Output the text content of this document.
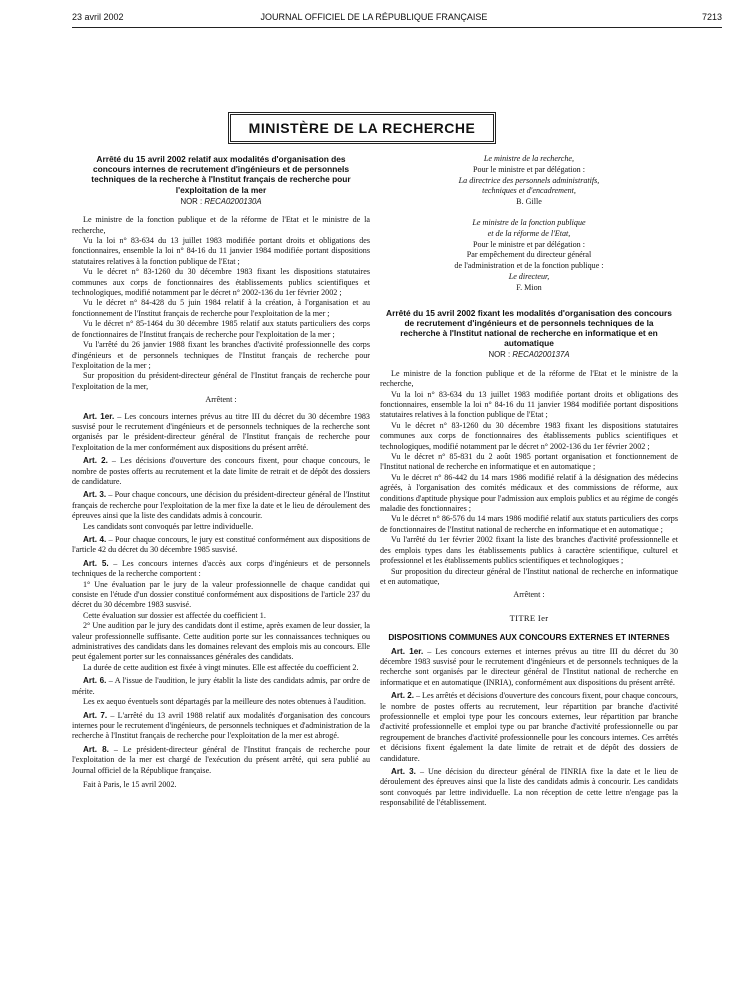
23 avril 2002	JOURNAL OFFICIEL DE LA RÉPUBLIQUE FRANÇAISE	7213
MINISTÈRE DE LA RECHERCHE
Arrêté du 15 avril 2002 relatif aux modalités d'organisation des concours internes de recrutement d'ingénieurs et de personnels techniques de la recherche à l'Institut français de recherche pour l'exploitation de la mer
NOR : RECA0200130A

Le ministre de la fonction publique et de la réforme de l'Etat et le ministre de la recherche,

Vu la loi n° 83-634 du 13 juillet 1983 modifiée portant droits et obligations des fonctionnaires, ensemble la loi n° 84-16 du 11 janvier 1984 modifiée portant dispositions statutaires relatives à la fonction publique de l'Etat ;

Vu le décret n° 83-1260 du 30 décembre 1983 fixant les dispositions statutaires communes aux corps de fonctionnaires des établissements publics scientifiques et technologiques, modifié notamment par le décret n° 2002-136 du 1er février 2002 ;

Vu le décret n° 84-428 du 5 juin 1984 relatif à la création, à l'organisation et au fonctionnement de l'Institut français de recherche pour l'exploitation de la mer ;

Vu le décret n° 85-1464 du 30 décembre 1985 relatif aux statuts particuliers des corps de fonctionnaires de l'Institut français de recherche pour l'exploitation de la mer ;

Vu l'arrêté du 26 janvier 1988 fixant les branches d'activité professionnelle des corps d'ingénieurs et de personnels techniques de l'Institut français de recherche pour l'exploitation de la mer ;

Sur proposition du président-directeur général de l'Institut français de recherche pour l'exploitation de la mer,

Arrêtent :

Art. 1er. – Les concours internes prévus au titre III du décret du 30 décembre 1983 susvisé pour le recrutement d'ingénieurs et de personnels techniques de la recherche sont organisés par le président-directeur général de l'Institut français de recherche pour l'exploitation de la mer conformément aux dispositions du présent arrêté.

Art. 2. – Les décisions d'ouverture des concours fixent, pour chaque concours, le nombre de postes offerts au recrutement et la date limite de retrait et de dépôt des dossiers de candidature.

Art. 3. – Pour chaque concours, une décision du président-directeur général de l'Institut français de recherche pour l'exploitation de la mer fixe la date et le lieu de déroulement des épreuves ainsi que la liste des candidats admis à concourir.

Les candidats sont convoqués par lettre individuelle.

Art. 4. – Pour chaque concours, le jury est constitué conformément aux dispositions de l'article 42 du décret du 30 décembre 1985 susvisé.

Art. 5. – Les concours internes d'accès aux corps d'ingénieurs et de personnels techniques de la recherche comportent :

1° Une évaluation par le jury de la valeur professionnelle de chaque candidat qui consiste en l'étude d'un dossier constitué conformément aux dispositions de l'article 237 du décret du 30 décembre 1983 susvisé.

Cette évaluation sur dossier est affectée du coefficient 1.

2° Une audition par le jury des candidats dont il estime, après examen de leur dossier, la valeur professionnelle suffisante. Cette audition porte sur les connaissances techniques ou administratives des candidats dans les domaines relevant des emplois mis au concours. Elle peut également porter sur les connaissances générales des candidats.

La durée de cette audition est fixée à vingt minutes. Elle est affectée du coefficient 2.

Art. 6. – A l'issue de l'audition, le jury établit la liste des candidats admis, par ordre de mérite.

Les ex aequo éventuels sont départagés par la meilleure des notes obtenues à l'audition.

Art. 7. – L'arrêté du 13 avril 1988 relatif aux modalités d'organisation des concours internes pour le recrutement d'ingénieurs, de personnels techniques et d'administration de la recherche à l'Institut français de recherche pour l'exploitation de la mer est abrogé.

Art. 8. – Le président-directeur général de l'Institut français de recherche pour l'exploitation de la mer est chargé de l'exécution du présent arrêté, qui sera publié au Journal officiel de la République française.

Fait à Paris, le 15 avril 2002.

Le ministre de la recherche,
Pour le ministre et par délégation :
La directrice des personnels administratifs,
techniques et d'encadrement,
B. Gille

Le ministre de la fonction publique
et de la réforme de l'Etat,
Pour le ministre et par délégation :
Par empêchement du directeur général
de l'administration et de la fonction publique :
Le directeur,
F. Mion

Arrêté du 15 avril 2002 fixant les modalités d'organisation des concours de recrutement d'ingénieurs et de personnels techniques de la recherche à l'Institut national de recherche en informatique et en automatique
NOR : RECA0200137A

Le ministre de la fonction publique et de la réforme de l'Etat et le ministre de la recherche,

Vu la loi n° 83-634 du 13 juillet 1983 modifiée portant droits et obligations des fonctionnaires, ensemble la loi n° 84-16 du 11 janvier 1984 modifiée portant dispositions statutaires relatives à la fonction publique de l'Etat ;

Vu le décret n° 83-1260 du 30 décembre 1983 fixant les dispositions statutaires communes aux corps de fonctionnaires des établissements publics scientifiques et technologiques, modifié notamment par le décret n° 2002-136 du 1er février 2002 ;

Vu le décret n° 85-831 du 2 août 1985 portant organisation et fonctionnement de l'Institut national de recherche en informatique et en automatique ;

Vu le décret n° 86-442 du 14 mars 1986 modifié relatif à la désignation des médecins agréés, à l'organisation des comités médicaux et des commissions de réforme, aux conditions d'aptitude physique pour l'admission aux emplois publics et au régime de congés maladie des fonctionnaires ;

Vu le décret n° 86-576 du 14 mars 1986 modifié relatif aux statuts particuliers des corps de fonctionnaires de l'Institut national de recherche en informatique et en automatique ;

Vu l'arrêté du 1er février 2002 fixant la liste des branches d'activité professionnelle et des emplois types dans les établissements publics à caractère scientifique, culturel et professionnel et les établissements publics scientifiques et technologiques ;

Sur proposition du directeur général de l'Institut national de recherche en informatique et en automatique,

Arrêtent :

TITRE Ier

DISPOSITIONS COMMUNES AUX CONCOURS EXTERNES ET INTERNES

Art. 1er. – Les concours externes et internes prévus au titre III du décret du 30 décembre 1983 susvisé pour le recrutement d'ingénieurs et de personnels techniques de la recherche sont organisés par le directeur général de l'Institut national de recherche en informatique et en automatique (INRIA), conformément aux dispositions du présent arrêté.

Art. 2. – Les arrêtés et décisions d'ouverture des concours fixent, pour chaque concours, le nombre de postes offerts au recrutement, leur répartition par branche d'activité professionnelle et emploi type pour les concours externes, leur répartition par branche d'activité professionnelle et emploi type ou par branche d'activité professionnelle ou par regroupement de branches d'activité professionnelle pour les concours internes. Ces arrêtés et décisions fixent également la date limite de retrait et de dépôt des dossiers de candidature.

Art. 3. – Une décision du directeur général de l'INRIA fixe la date et le lieu de déroulement des épreuves ainsi que la liste des candidats admis à concourir. Les candidats sont convoqués par lettre individuelle. La non réception de cette lettre n'engage pas la responsabilité de l'établissement.
